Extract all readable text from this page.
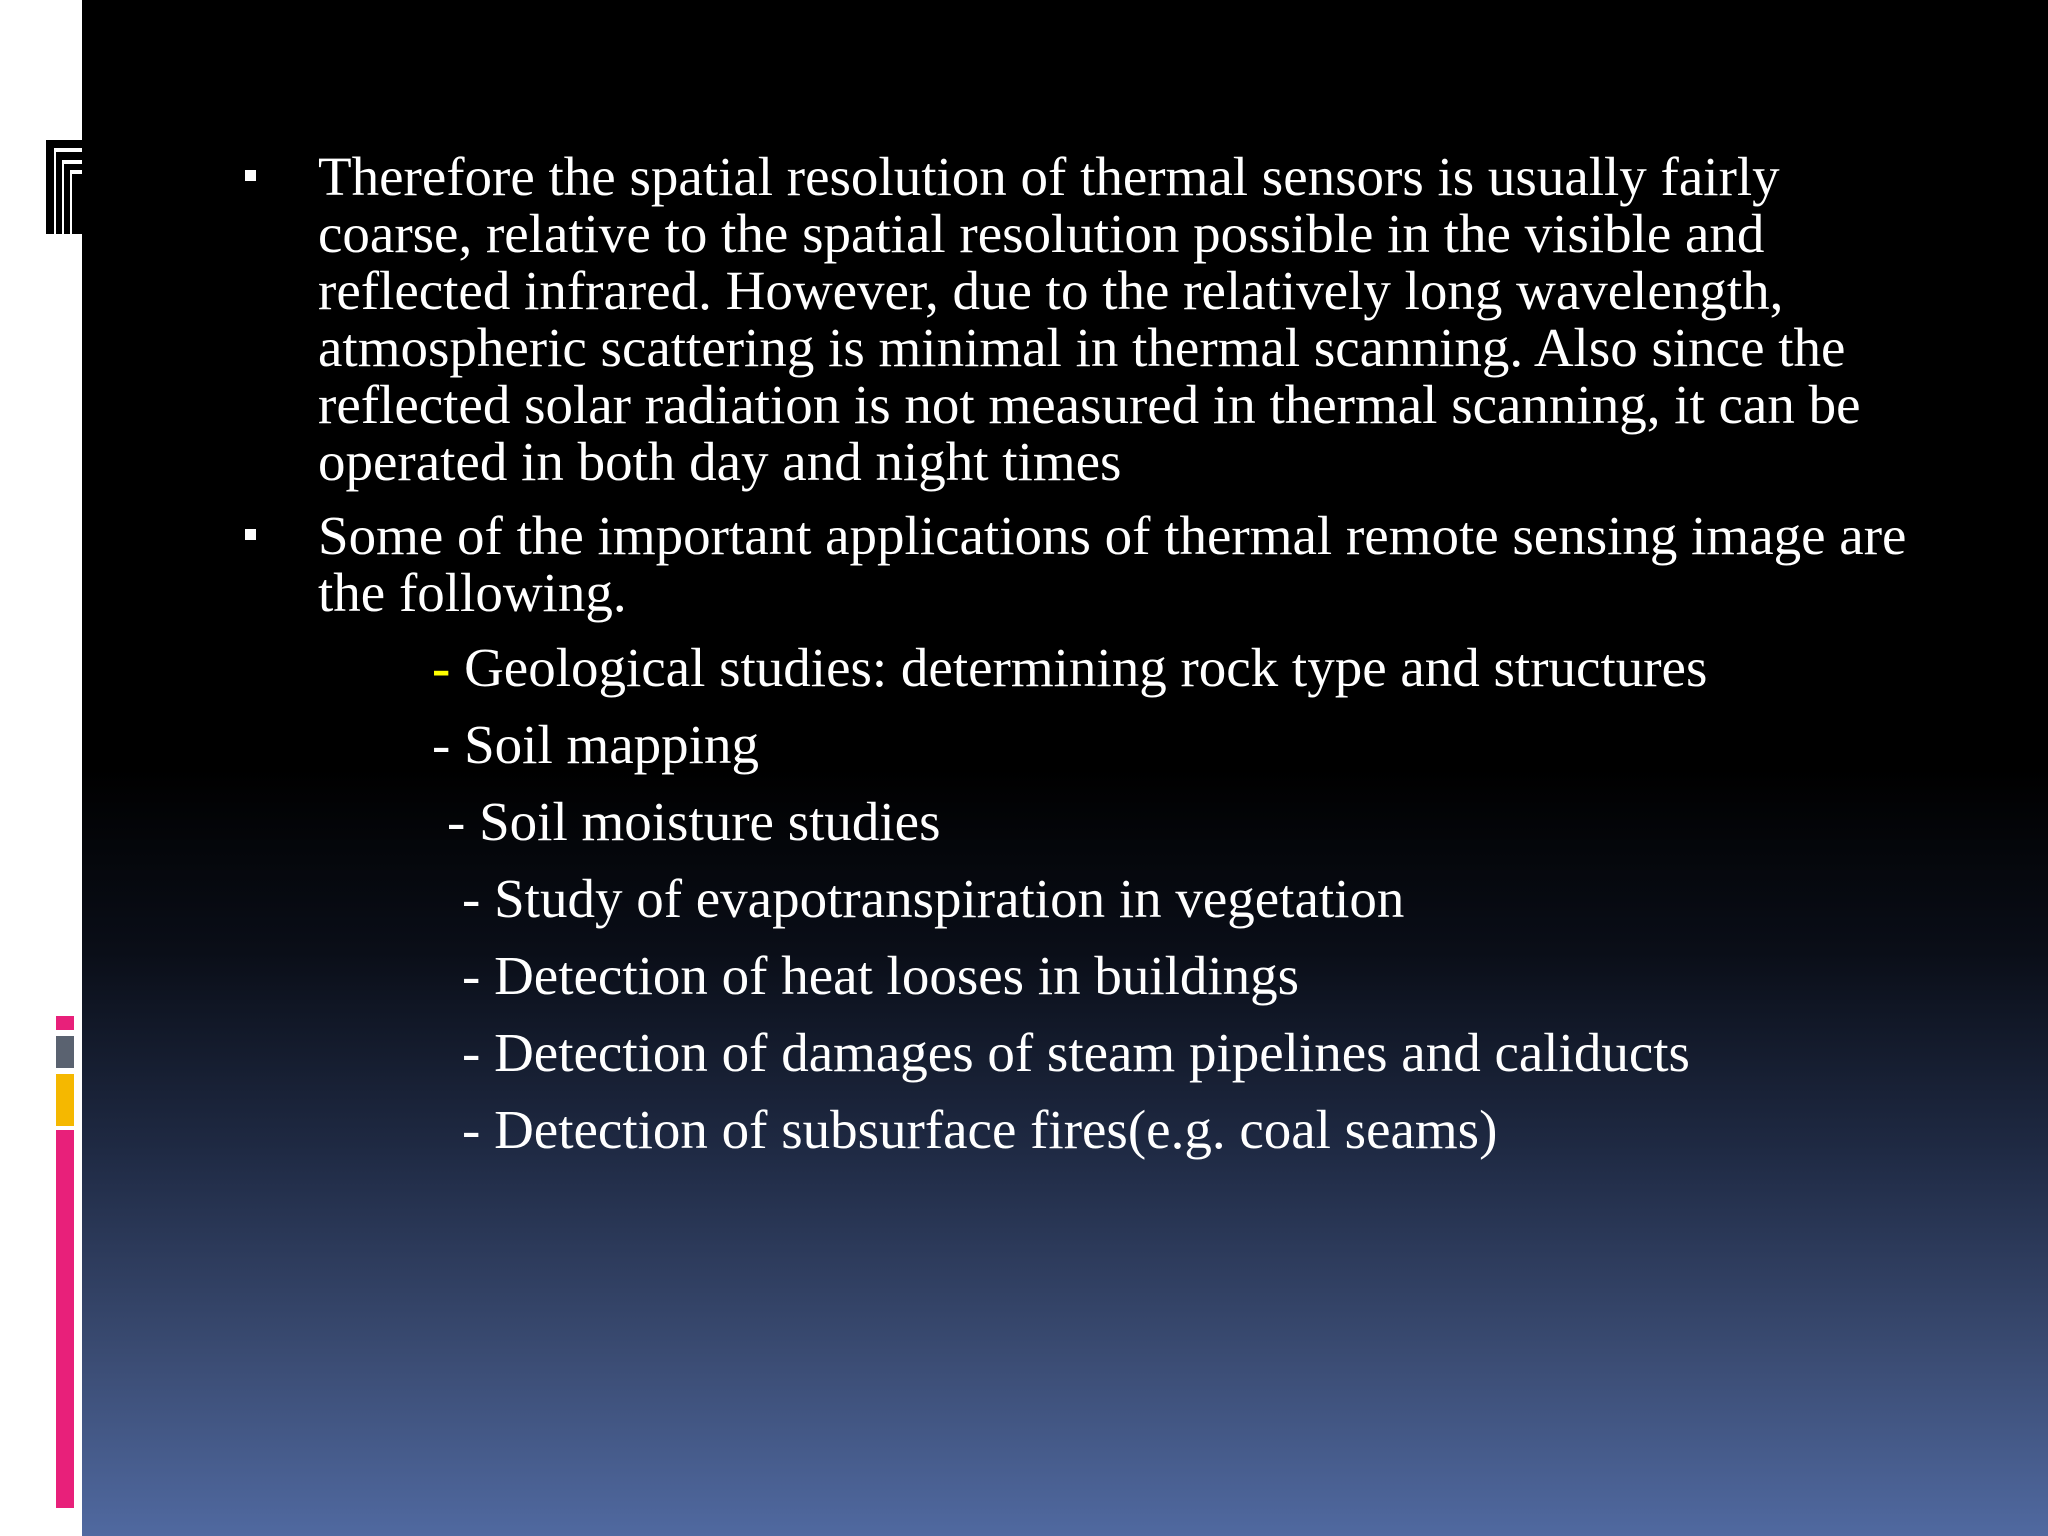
Therefore the spatial resolution of thermal sensors is usually fairly coarse, relative to the spatial resolution possible in the visible and reflected infrared. However, due to the relatively long wavelength, atmospheric scattering is minimal in thermal scanning. Also since the reflected solar radiation is not measured in thermal scanning, it can be operated in both day and night times
Some of the important applications of thermal remote sensing image are the following.
- Geological studies: determining rock type and structures
- Soil mapping
- Soil moisture studies
- Study of evapotranspiration in vegetation
- Detection of heat looses in buildings
- Detection of damages of steam pipelines and caliducts
- Detection of subsurface fires(e.g. coal seams)
